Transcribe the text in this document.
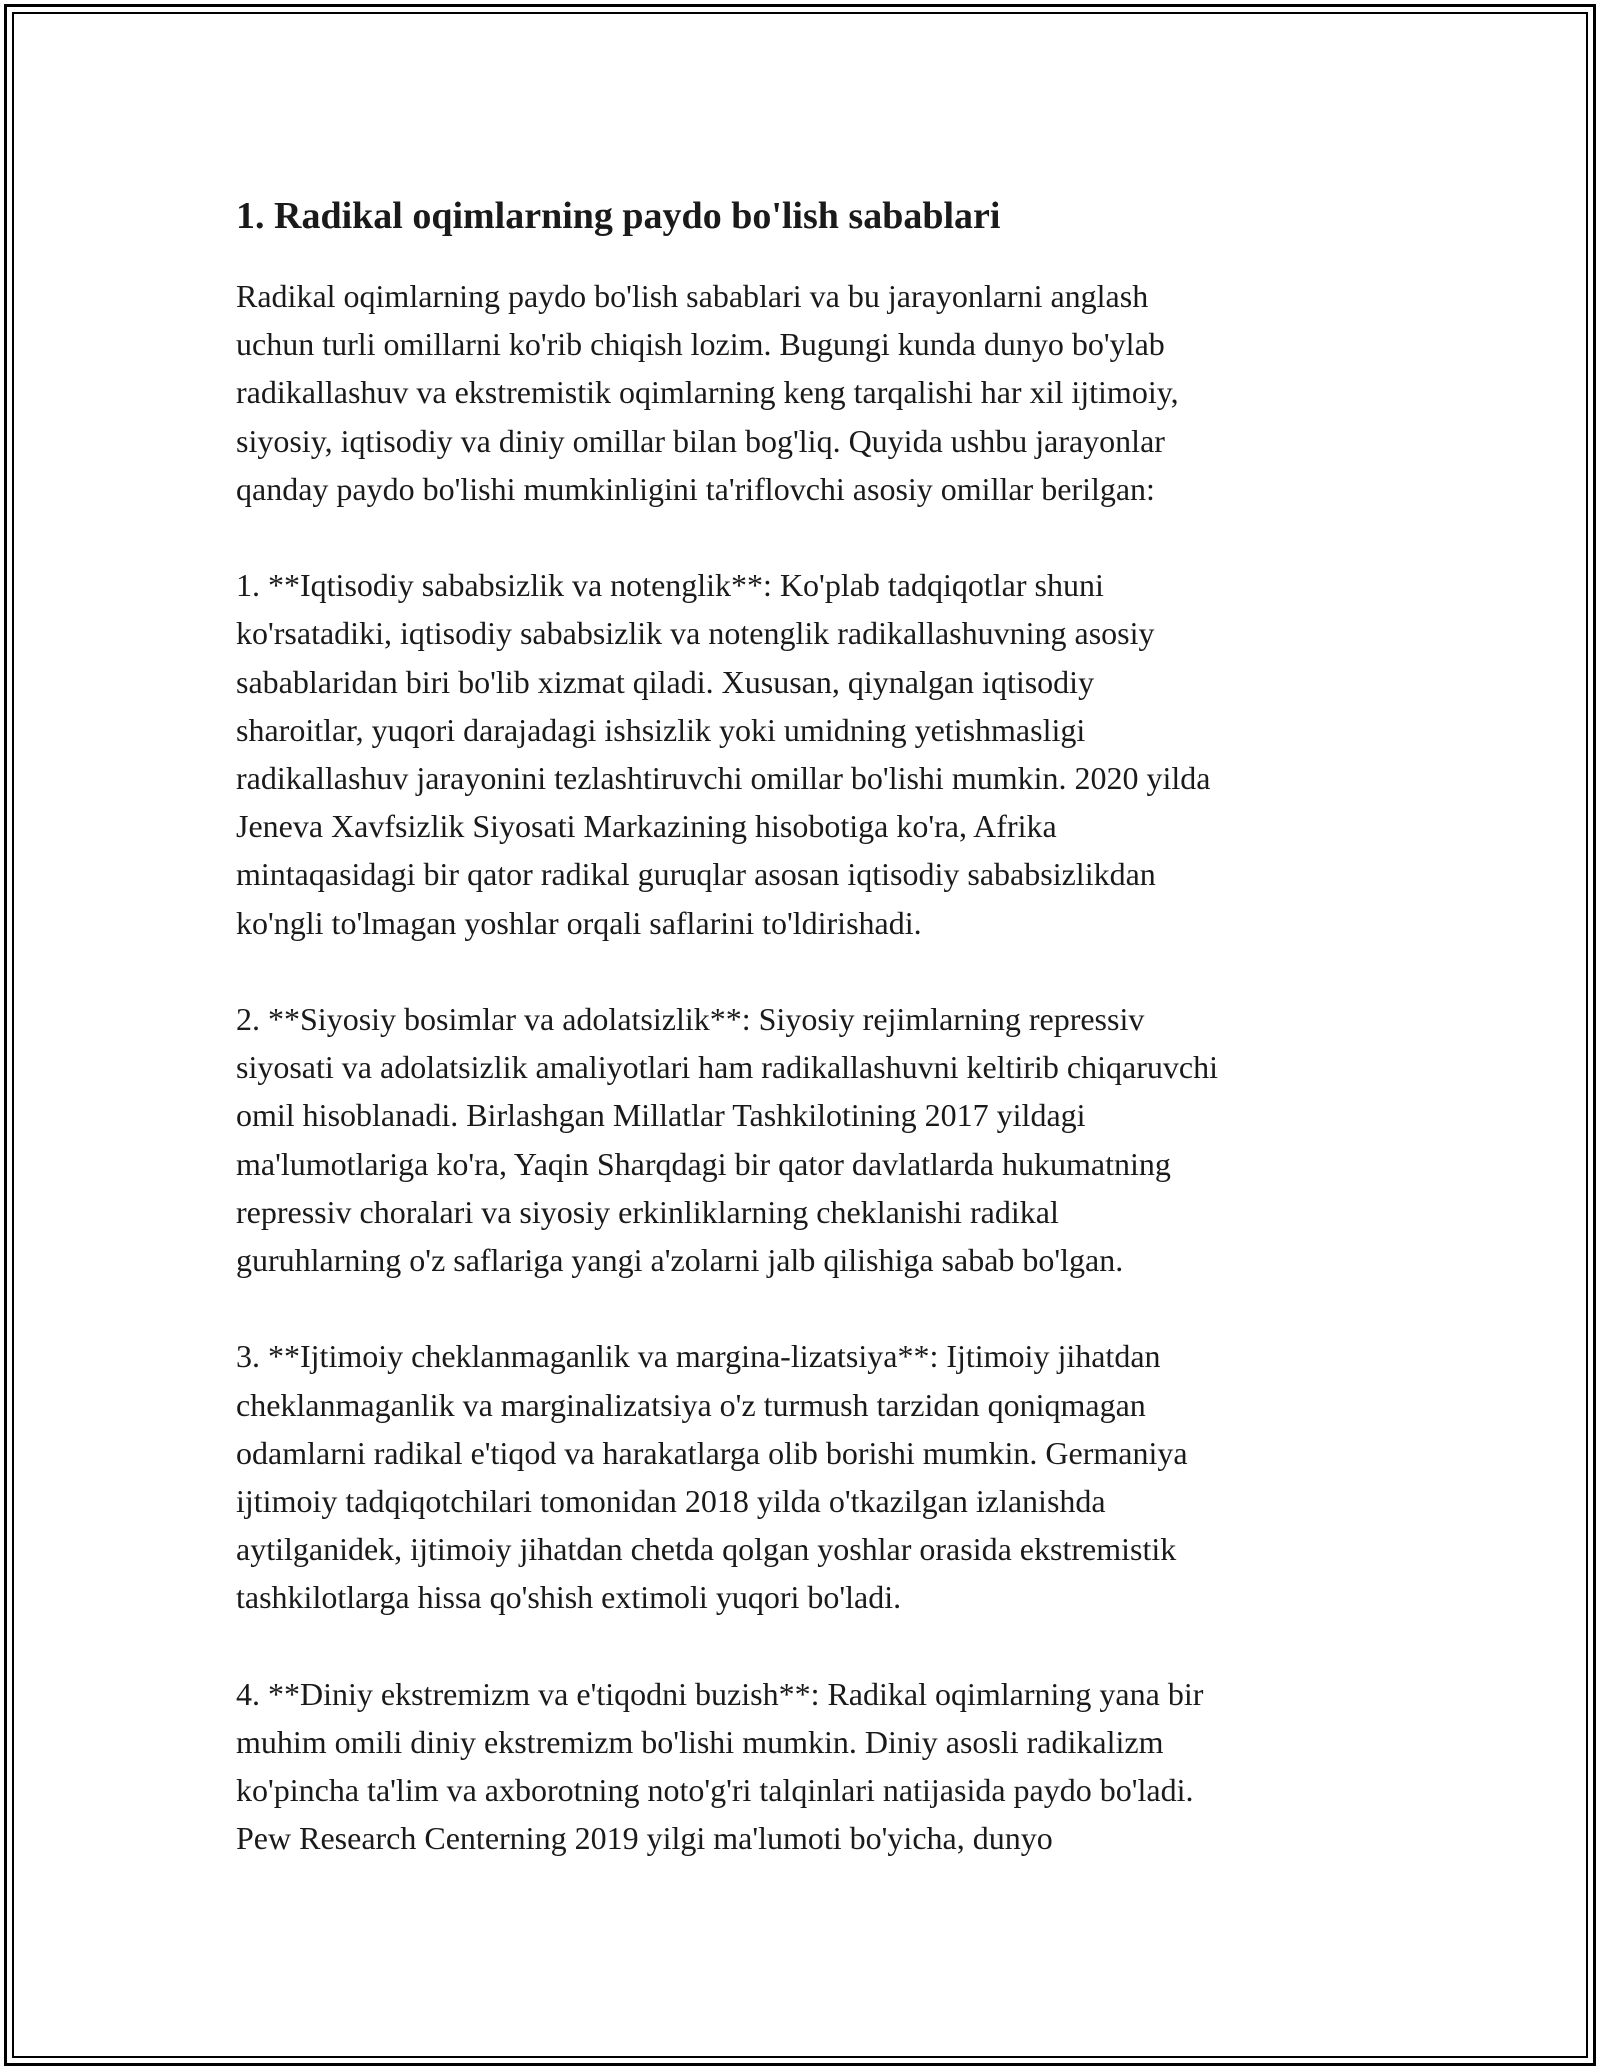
1. Radikal oqimlarning paydo bo'lish sabablari

Radikal oqimlarning paydo bo'lish sabablari va bu jarayonlarni anglash
uchun turli omillarni ko'rib chiqish lozim. Bugungi kunda dunyo bo'ylab
radikallashuv va ekstremistik oqimlarning keng tarqalishi har xil ijtimoiy,
siyosiy, iqtisodiy va diniy omillar bilan bog'liq. Quyida ushbu jarayonlar
qanday paydo bo'lishi mumkinligini ta'riflovchi asosiy omillar berilgan:

1. **Iqtisodiy sababsizlik va notenglik**: Ko'plab tadqiqotlar shuni
ko'rsatadiki, iqtisodiy sababsizlik va notenglik radikallashuvning asosiy
sabablaridan biri bo'lib xizmat qiladi. Xususan, qiynalgan iqtisodiy
sharoitlar, yuqori darajadagi ishsizlik yoki umidning yetishmasligi
radikallashuv jarayonini tezlashtiruvchi omillar bo'lishi mumkin. 2020 yilda
Jeneva Xavfsizlik Siyosati Markazining hisobotiga ko'ra, Afrika
mintaqasidagi bir qator radikal guruqlar asosan iqtisodiy sababsizlikdan
ko'ngli to'lmagan yoshlar orqali saflarini to'ldirishadi.

2. **Siyosiy bosimlar va adolatsizlik**: Siyosiy rejimlarning repressiv
siyosati va adolatsizlik amaliyotlari ham radikallashuvni keltirib chiqaruvchi
omil hisoblanadi. Birlashgan Millatlar Tashkilotining 2017 yildagi
ma'lumotlariga ko'ra, Yaqin Sharqdagi bir qator davlatlarda hukumatning
repressiv choralari va siyosiy erkinliklarning cheklanishi radikal
guruhlarning o'z saflariga yangi a'zolarni jalb qilishiga sabab bo'lgan.

3. **Ijtimoiy cheklanmaganlik va margina-lizatsiya**: Ijtimoiy jihatdan
cheklanmaganlik va marginalizatsiya o'z turmush tarzidan qoniqmagan
odamlarni radikal e'tiqod va harakatlarga olib borishi mumkin. Germaniya
ijtimoiy tadqiqotchilari tomonidan 2018 yilda o'tkazilgan izlanishda
aytilganidek, ijtimoiy jihatdan chetda qolgan yoshlar orasida ekstremistik
tashkilotlarga hissa qo'shish extimoli yuqori bo'ladi.

4. **Diniy ekstremizm va e'tiqodni buzish**: Radikal oqimlarning yana bir
muhim omili diniy ekstremizm bo'lishi mumkin. Diniy asosli radikalizm
ko'pincha ta'lim va axborotning noto'g'ri talqinlari natijasida paydo bo'ladi.
Pew Research Centerning 2019 yilgi ma'lumoti bo'yicha, dunyo
